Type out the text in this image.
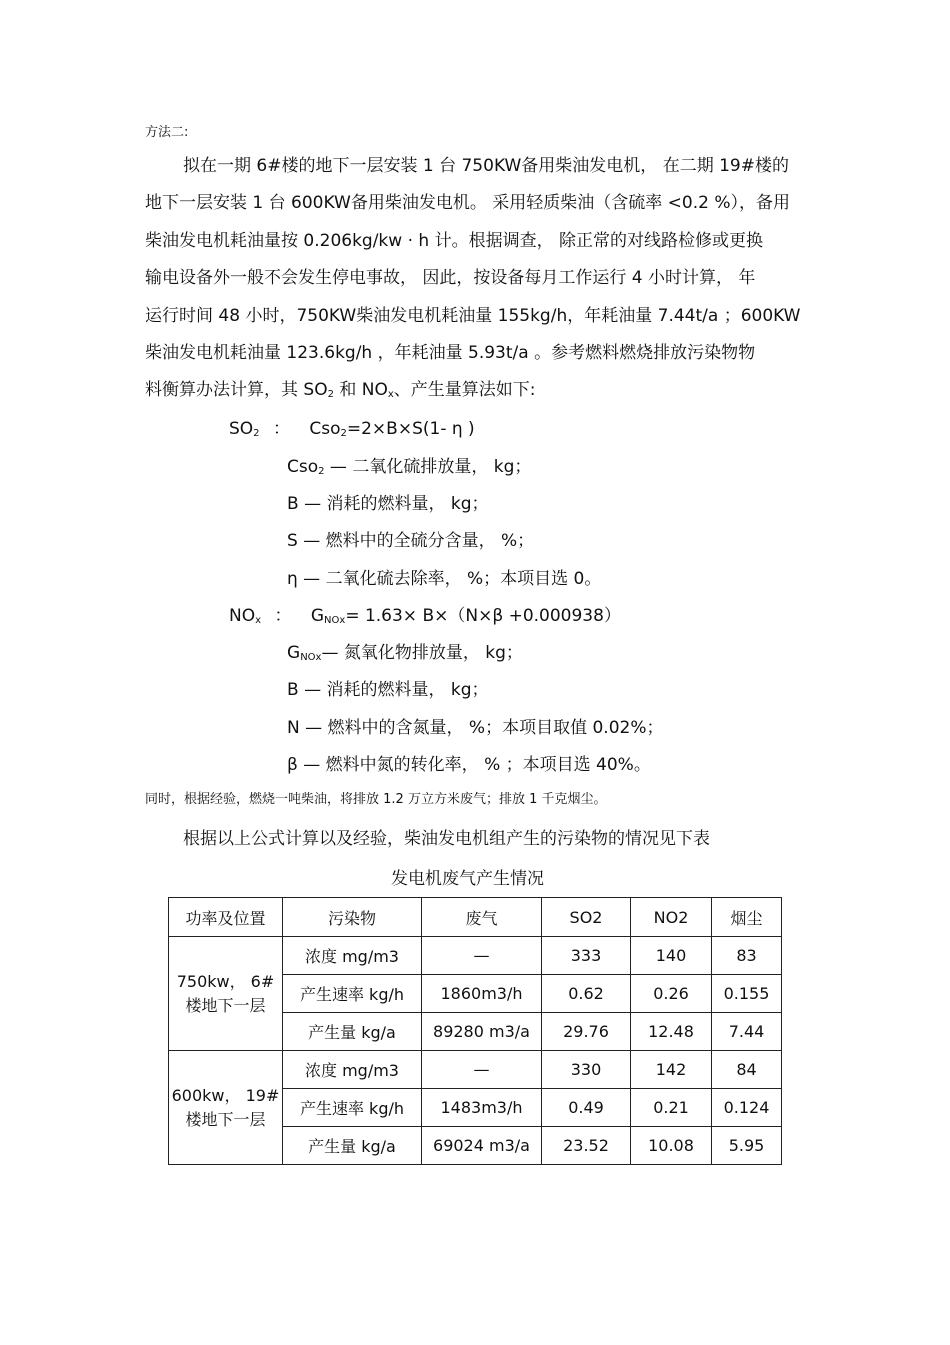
方法二:
拟在一期 6#楼的地下一层安装 1 台 750KW备用柴油发电机， 在二期 19#楼的
地下一层安装 1 台 600KW备用柴油发电机。 采用轻质柴油（含硫率 <0.2 %），备用
柴油发电机耗油量按 0.206kg/kw · h 计。根据调查， 除正常的对线路检修或更换
输电设备外一般不会发生停电事故， 因此，按设备每月工作运行 4 小时计算， 年
运行时间 48 小时，750KW柴油发电机耗油量 155kg/h，年耗油量 7.44t/a ；600KW
柴油发电机耗油量 123.6kg/h ，年耗油量 5.93t/a 。参考燃料燃烧排放污染物物
料衡算办法计算，其 $SO_2$ 和 $NO_x$、产生量算法如下:
$SO_2$ ： Cso$_2$=2×B×S(1- η )
Cso$_2$ — 二氧化硫排放量， kg；
B — 消耗的燃料量， kg；
S — 燃料中的全硫分含量， %；
η — 二氧化硫去除率， %；本项目选 0。
$NO_x$ ： $G_{NOx}= 1.63\times B\times(N\times\beta +0.000938)$
$G_{NOx}—$ 氮氧化物排放量， kg；
B — 消耗的燃料量， kg；
N — 燃料中的含氮量， %；本项目取值 0.02%；
β — 燃料中氮的转化率， % ；本项目选 40%。
同时，根据经验，燃烧一吨柴油，将排放 1.2 万立方米废气；排放 1 千克烟尘。
根据以上公式计算以及经验，柴油发电机组产生的污染物的情况见下表
发电机废气产生情况
功率及位置	污染物	废气	SO2	NO2	烟尘

750kw， 6#
楼地下一层	浓度 mg/m3	—	333	140	83
	产生速率 kg/h	1860m3/h	0.62	0.26	0.155
	产生量 kg/a	89280 m3/a	29.76	12.48	7.44

600kw， 19#
楼地下一层	浓度 mg/m3	—	330	142	84
	产生速率 kg/h	1483m3/h	0.49	0.21	0.124
	产生量 kg/a	69024 m3/a	23.52	10.08	5.95
